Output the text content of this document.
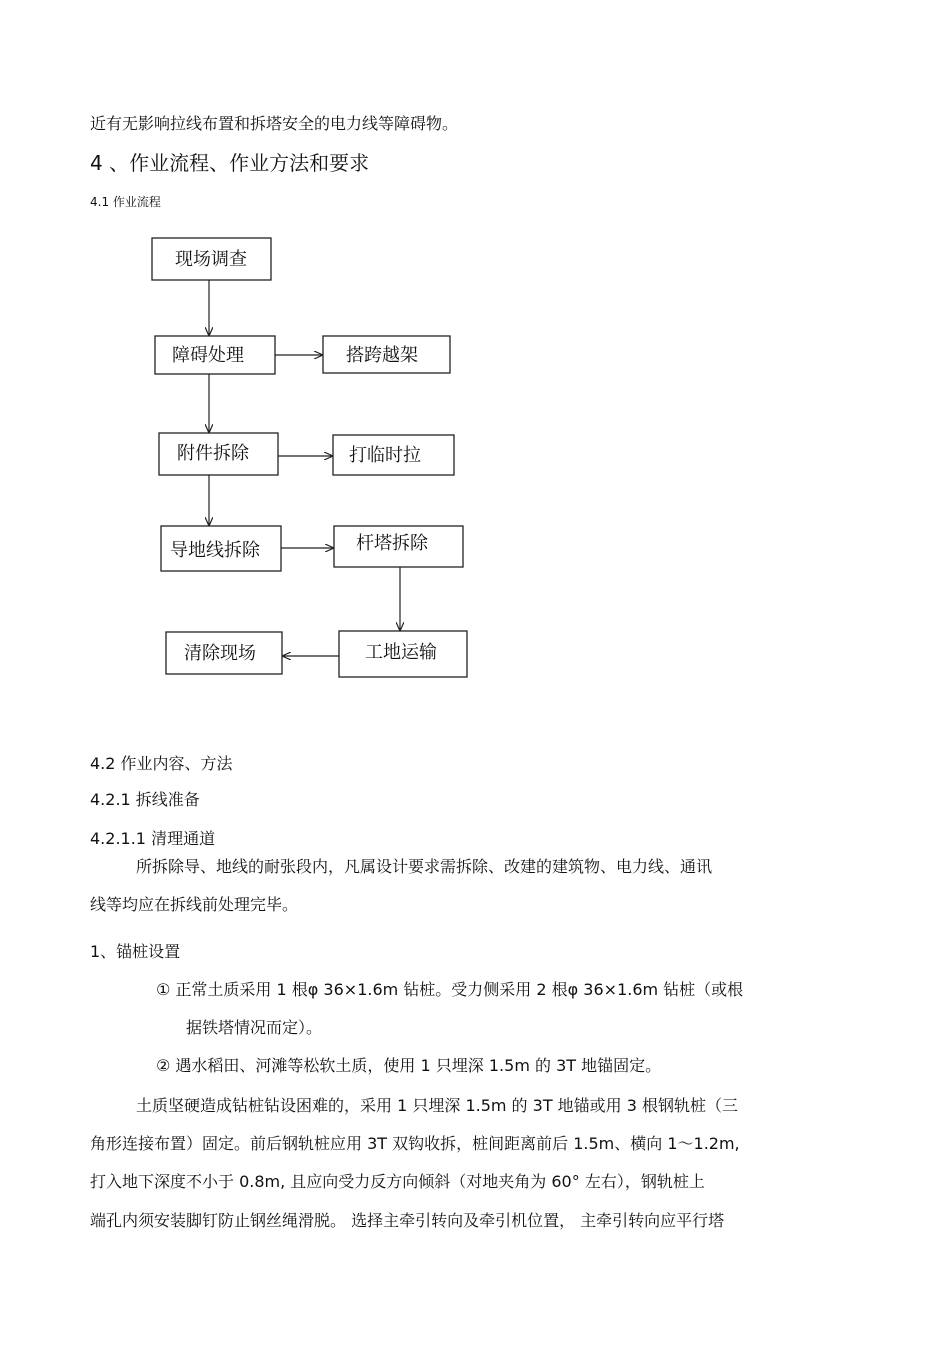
近有无影响拉线布置和拆塔安全的电力线等障碍物。
4 、作业流程、作业方法和要求
4.1 作业流程
现场调查
障碍处理	搭跨越架
附件拆除	打临时拉
导地线拆除	杆塔拆除
清除现场	工地运输
4.2 作业内容、方法
4.2.1 拆线准备
4.2.1.1 清理通道
所拆除导、地线的耐张段内，凡属设计要求需拆除、改建的建筑物、电力线、通讯
线等均应在拆线前处理完毕。
1、锚桩设置
① 正常土质采用 1 根φ 36×1.6m 钻桩。受力侧采用 2 根φ 36×1.6m 钻桩（或根
据铁塔情况而定）。
② 遇水稻田、河滩等松软土质，使用 1 只埋深 1.5m 的 3T 地锚固定。
土质坚硬造成钻桩钻设困难的，采用 1 只埋深 1.5m 的 3T 地锚或用 3 根钢轨桩（三
角形连接布置）固定。前后钢轨桩应用 3T 双钩收拆，桩间距离前后 1.5m、横向 1～1.2m,
打入地下深度不小于 0.8m, 且应向受力反方向倾斜（对地夹角为 60° 左右），钢轨桩上
端孔内须安装脚钉防止钢丝绳滑脱。 选择主牵引转向及牵引机位置， 主牵引转向应平行塔
